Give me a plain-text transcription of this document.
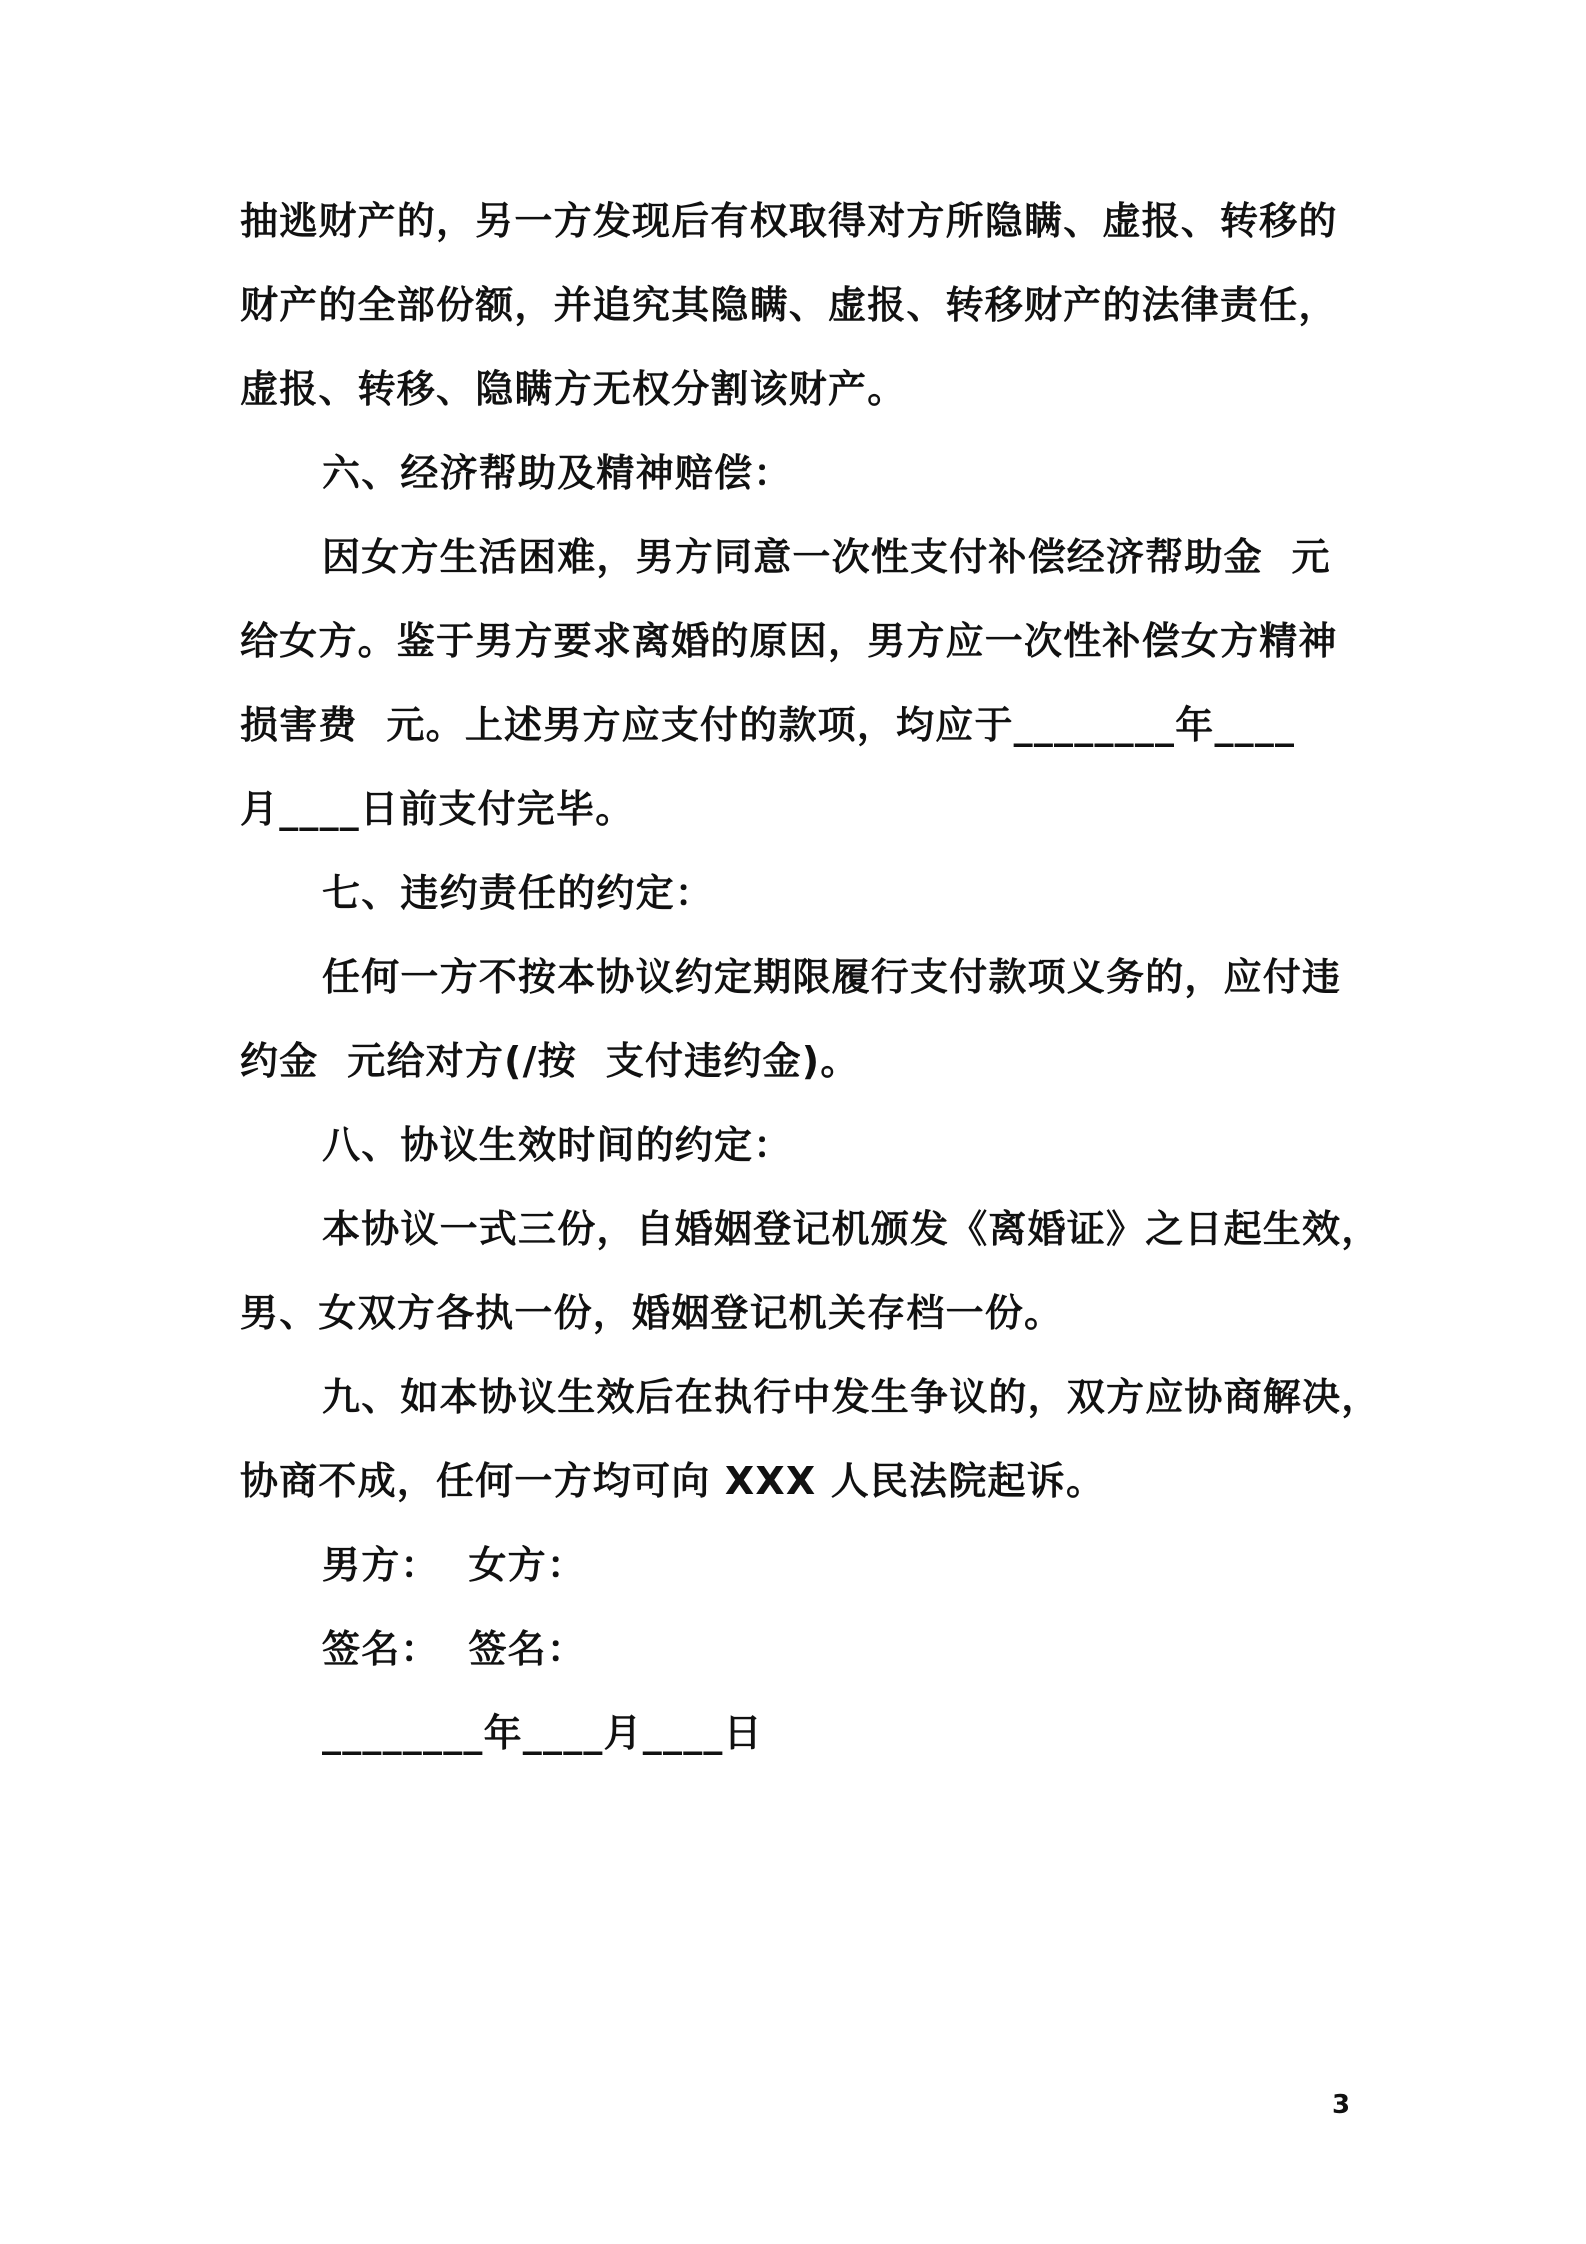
抽逃财产的，另一方发现后有权取得对方所隐瞒、虚报、转移的
财产的全部份额，并追究其隐瞒、虚报、转移财产的法律责任，
虚报、转移、隐瞒方无权分割该财产。
六、经济帮助及精神赔偿：
因女方生活困难，男方同意一次性支付补偿经济帮助金  元
给女方。鉴于男方要求离婚的原因，男方应一次性补偿女方精神
损害费  元。上述男方应支付的款项，均应于________年____
月____日前支付完毕。
七、违约责任的约定：
任何一方不按本协议约定期限履行支付款项义务的，应付违
约金  元给对方(/按  支付违约金)。
八、协议生效时间的约定：
本协议一式三份，自婚姻登记机颁发《离婚证》之日起生效，
男、女双方各执一份，婚姻登记机关存档一份。
九、如本协议生效后在执行中发生争议的，双方应协商解决，
协商不成，任何一方均可向 XXX 人民法院起诉。
男方：  女方：
签名：  签名：
________年____月____日
3
